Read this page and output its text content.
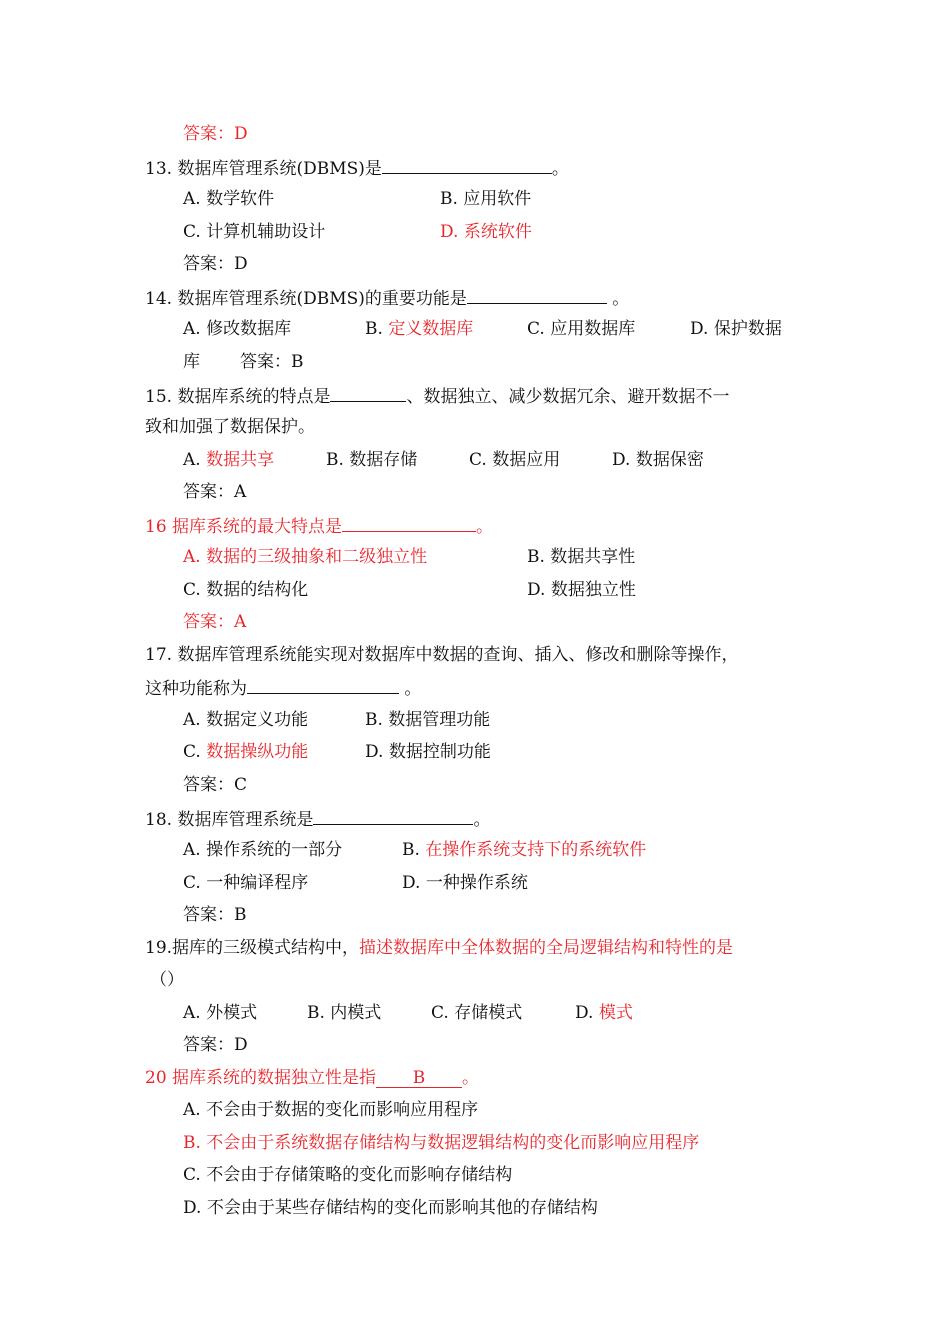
答案：D
13. 数据库管理系统(DBMS)是	。
A. 数学软件	B. 应用软件
C. 计算机辅助设计	D. 系统软件
答案：D
14. 数据库管理系统(DBMS)的重要功能是	。
A. 修改数据库	B. 定义数据库	C. 应用数据库	D. 保护数据
库 答案：B
15. 数据库系统的特点是	、数据独立、减少数据冗余、避开数据不一
致和加强了数据保护。
A. 数据共享	B. 数据存储	C. 数据应用	D. 数据保密
答案：A
16 据库系统的最大特点是	。
A. 数据的三级抽象和二级独立性	B. 数据共享性
C. 数据的结构化	D. 数据独立性
答案：A
17. 数据库管理系统能实现对数据库中数据的查询、插入、修改和删除等操作，
这种功能称为	。
A. 数据定义功能	B. 数据管理功能
C. 数据操纵功能	D. 数据控制功能
答案：C
18. 数据库管理系统是	。
A. 操作系统的一部分	B. 在操作系统支持下的系统软件
C. 一种编译程序	D. 一种操作系统
答案：B
19.据库的三级模式结构中，描述数据库中全体数据的全局逻辑结构和特性的是
（）
A. 外模式	B. 内模式	C. 存储模式	D. 模式
答案：D
20 据库系统的数据独立性是指 B 。
A. 不会由于数据的变化而影响应用程序
B. 不会由于系统数据存储结构与数据逻辑结构的变化而影响应用程序
C. 不会由于存储策略的变化而影响存储结构
D. 不会由于某些存储结构的变化而影响其他的存储结构
